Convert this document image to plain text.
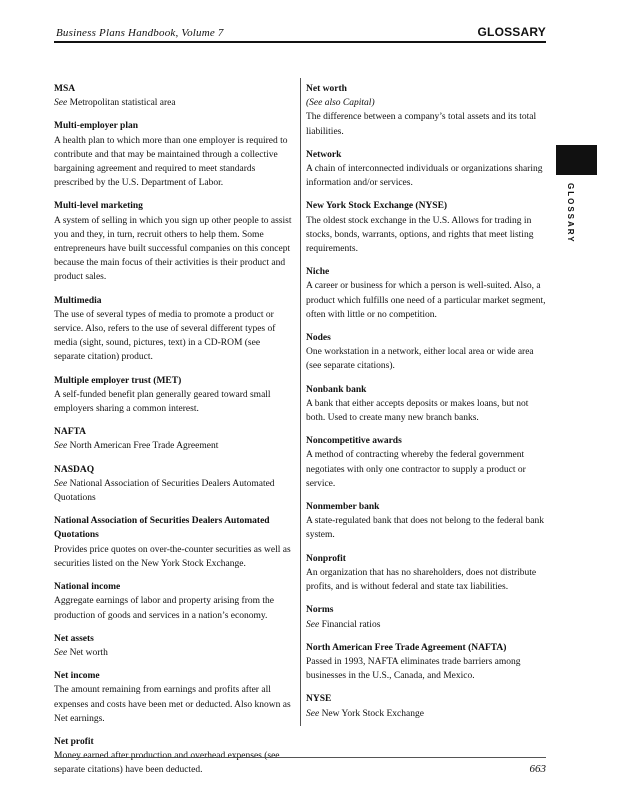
Business Plans Handbook, Volume 7	GLOSSARY
MSA
See Metropolitan statistical area
Multi-employer plan
A health plan to which more than one employer is required to contribute and that may be maintained through a collective bargaining agreement and required to meet standards prescribed by the U.S. Department of Labor.
Multi-level marketing
A system of selling in which you sign up other people to assist you and they, in turn, recruit others to help them. Some entrepreneurs have built successful companies on this concept because the main focus of their activities is their product and product sales.
Multimedia
The use of several types of media to promote a product or service. Also, refers to the use of several different types of media (sight, sound, pictures, text) in a CD-ROM (see separate citation) product.
Multiple employer trust (MET)
A self-funded benefit plan generally geared toward small employers sharing a common interest.
NAFTA
See North American Free Trade Agreement
NASDAQ
See National Association of Securities Dealers Automated Quotations
National Association of Securities Dealers Automated Quotations
Provides price quotes on over-the-counter securities as well as securities listed on the New York Stock Exchange.
National income
Aggregate earnings of labor and property arising from the production of goods and services in a nation’s economy.
Net assets
See Net worth
Net income
The amount remaining from earnings and profits after all expenses and costs have been met or deducted. Also known as Net earnings.
Net profit
separate citations) have been deducted.
Net worth
(See also Capital)
The difference between a company’s total assets and its total liabilities.
Network
A chain of interconnected individuals or organizations sharing information and/or services.
New York Stock Exchange (NYSE)
The oldest stock exchange in the U.S. Allows for trading in stocks, bonds, warrants, options, and rights that meet listing requirements.
Niche
A career or business for which a person is well-suited. Also, a product which fulfills one need of a particular market segment, often with little or no competition.
Nodes
One workstation in a network, either local area or wide area (see separate citations).
Nonbank bank
A bank that either accepts deposits or makes loans, but not both. Used to create many new branch banks.
Noncompetitive awards
A method of contracting whereby the federal government negotiates with only one contractor to supply a product or service.
Nonmember bank
A state-regulated bank that does not belong to the federal bank system.
Nonprofit
An organization that has no shareholders, does not distribute profits, and is without federal and state tax liabilities.
Norms
See Financial ratios
North American Free Trade Agreement (NAFTA)
Passed in 1993, NAFTA eliminates trade barriers among businesses in the U.S., Canada, and Mexico.
NYSE
See New York Stock Exchange
GLOSSARY
663
